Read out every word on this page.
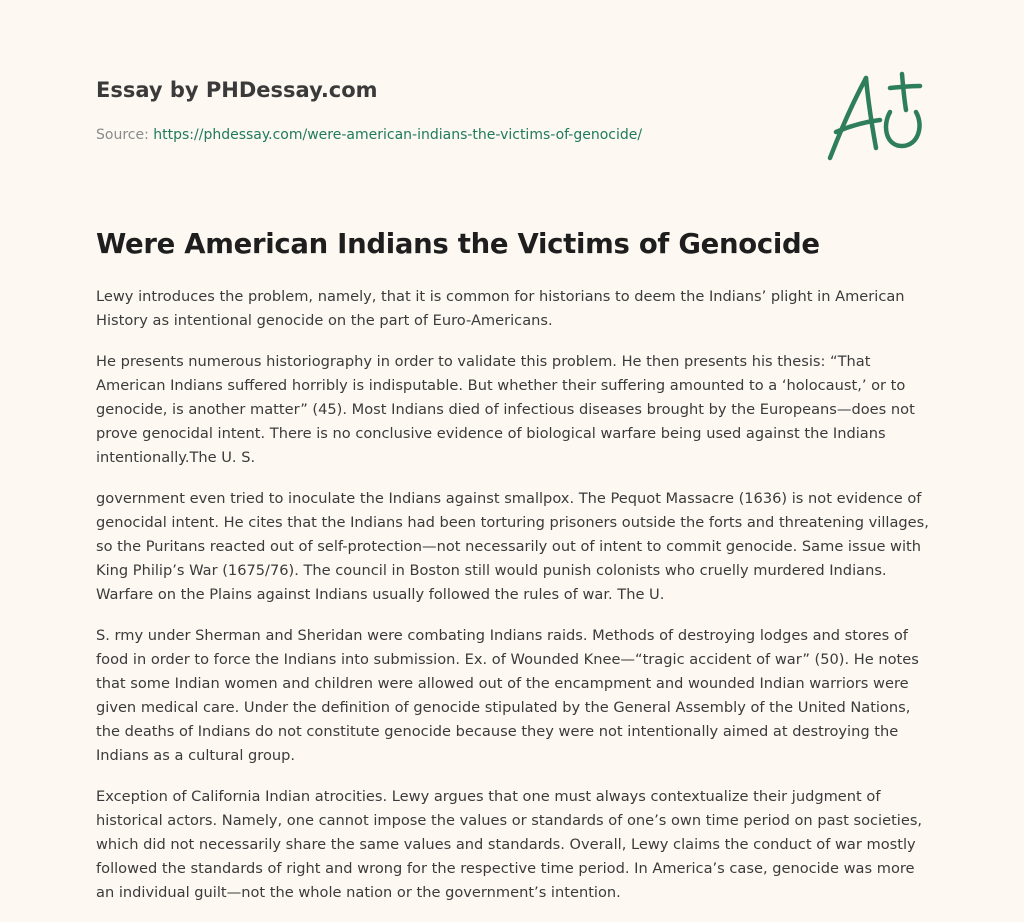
Essay by PHDessay.com
Source: https://phdessay.com/were-american-indians-the-victims-of-genocide/
Were American Indians the Victims of Genocide

Lewy introduces the problem, namely, that it is common for historians to deem the Indians’ plight in American History as intentional genocide on the part of Euro-Americans.

He presents numerous historiography in order to validate this problem. He then presents his thesis: “That American Indians suffered horribly is indisputable. But whether their suffering amounted to a ‘holocaust,’ or to genocide, is another matter” (45). Most Indians died of infectious diseases brought by the Europeans—does not prove genocidal intent. There is no conclusive evidence of biological warfare being used against the Indians intentionally.The U. S.

government even tried to inoculate the Indians against smallpox. The Pequot Massacre (1636) is not evidence of genocidal intent. He cites that the Indians had been torturing prisoners outside the forts and threatening villages, so the Puritans reacted out of self-protection—not necessarily out of intent to commit genocide. Same issue with King Philip’s War (1675/76). The council in Boston still would punish colonists who cruelly murdered Indians. Warfare on the Plains against Indians usually followed the rules of war. The U.

S. rmy under Sherman and Sheridan were combating Indians raids. Methods of destroying lodges and stores of food in order to force the Indians into submission. Ex. of Wounded Knee—“tragic accident of war” (50). He notes that some Indian women and children were allowed out of the encampment and wounded Indian warriors were given medical care. Under the definition of genocide stipulated by the General Assembly of the United Nations, the deaths of Indians do not constitute genocide because they were not intentionally aimed at destroying the Indians as a cultural group.

Exception of California Indian atrocities. Lewy argues that one must always contextualize their judgment of historical actors. Namely, one cannot impose the values or standards of one’s own time period on past societies, which did not necessarily share the same values and standards. Overall, Lewy claims the conduct of war mostly followed the standards of right and wrong for the respective time period. In America’s case, genocide was more an individual guilt—not the whole nation or the government’s intention.
